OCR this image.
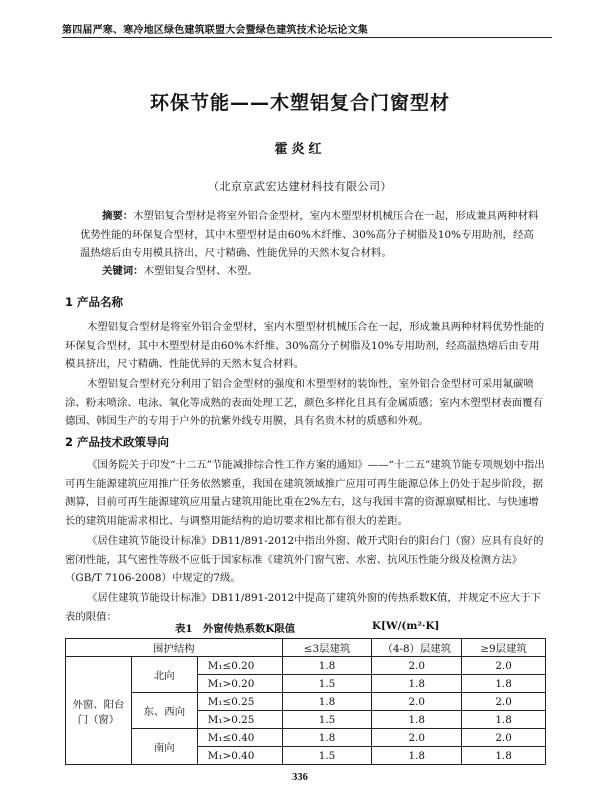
第四届严寒、寒冷地区绿色建筑联盟大会暨绿色建筑技术论坛论文集
环保节能——木塑铝复合门窗型材
霍炎红
（北京京武宏达建材科技有限公司）

摘要：木塑铝复合型材是将室外铝合金型材，室内木塑型材机械压合在一起，形成兼具两种材料优势性能的环保复合型材，其中木塑型材是由60%木纤维、30%高分子树脂及10%专用助剂，经高温热熔后由专用模具挤出，尺寸精确、性能优异的天然木复合材料。

关键词：木塑铝复合型材、木塑。

1 产品名称

木塑铝复合型材是将室外铝合金型材，室内木塑型材机械压合在一起，形成兼具两种材料优势性能的环保复合型材，其中木塑型材是由60%木纤维、30%高分子树脂及10%专用助剂，经高温热熔后由专用模具挤出，尺寸精确、性能优异的天然木复合材料。

木塑铝复合型材充分利用了铝合金型材的强度和木塑型材的装饰性，室外铝合金型材可采用氟碳喷涂、粉末喷涂、电泳、氧化等成熟的表面处理工艺，颜色多样化且具有金属质感；室内木塑型材表面覆有德国、韩国生产的专用于户外的抗紫外线专用膜，具有名贵木材的质感和外观。

2 产品技术政策导向

《国务院关于印发“十二五”节能减排综合性工作方案的通知》——“十二五”建筑节能专项规划中指出可再生能源建筑应用推广任务依然繁重，我国在建筑领域推广应用可再生能源总体上仍处于起步阶段，据测算，目前可再生能源建筑应用量占建筑用能比重在2%左右，这与我国丰富的资源禀赋相比、与快速增长的建筑用能需求相比、与调整用能结构的迫切要求相比都有很大的差距。

《居住建筑节能设计标准》DB11/891-2012中指出外窗、敞开式阳台的阳台门（窗）应具有良好的密闭性能，其气密性等级不应低于国家标准《建筑外门窗气密、水密、抗风压性能分级及检测方法》（GB/T 7106-2008）中规定的7级。

《居住建筑节能设计标准》DB11/891-2012中提高了建筑外窗的传热系数K值，并规定不应大于下表的限值：

表1　外窗传热系数K限值	K[W/(m²·K]
围护结构			≤3层建筑	（4-8）层建筑	≥9层建筑
外窗、阳台门（窗）	北向	M₁≤0.20	1.8	2.0	2.0
		M₁>0.20	1.5	1.8	1.8
	东、西向	M₁≤0.25	1.8	2.0	2.0
		M₁>0.25	1.5	1.8	1.8
	南向	M₁≤0.40	1.8	2.0	2.0
		M₁>0.40	1.5	1.8	1.8
336
